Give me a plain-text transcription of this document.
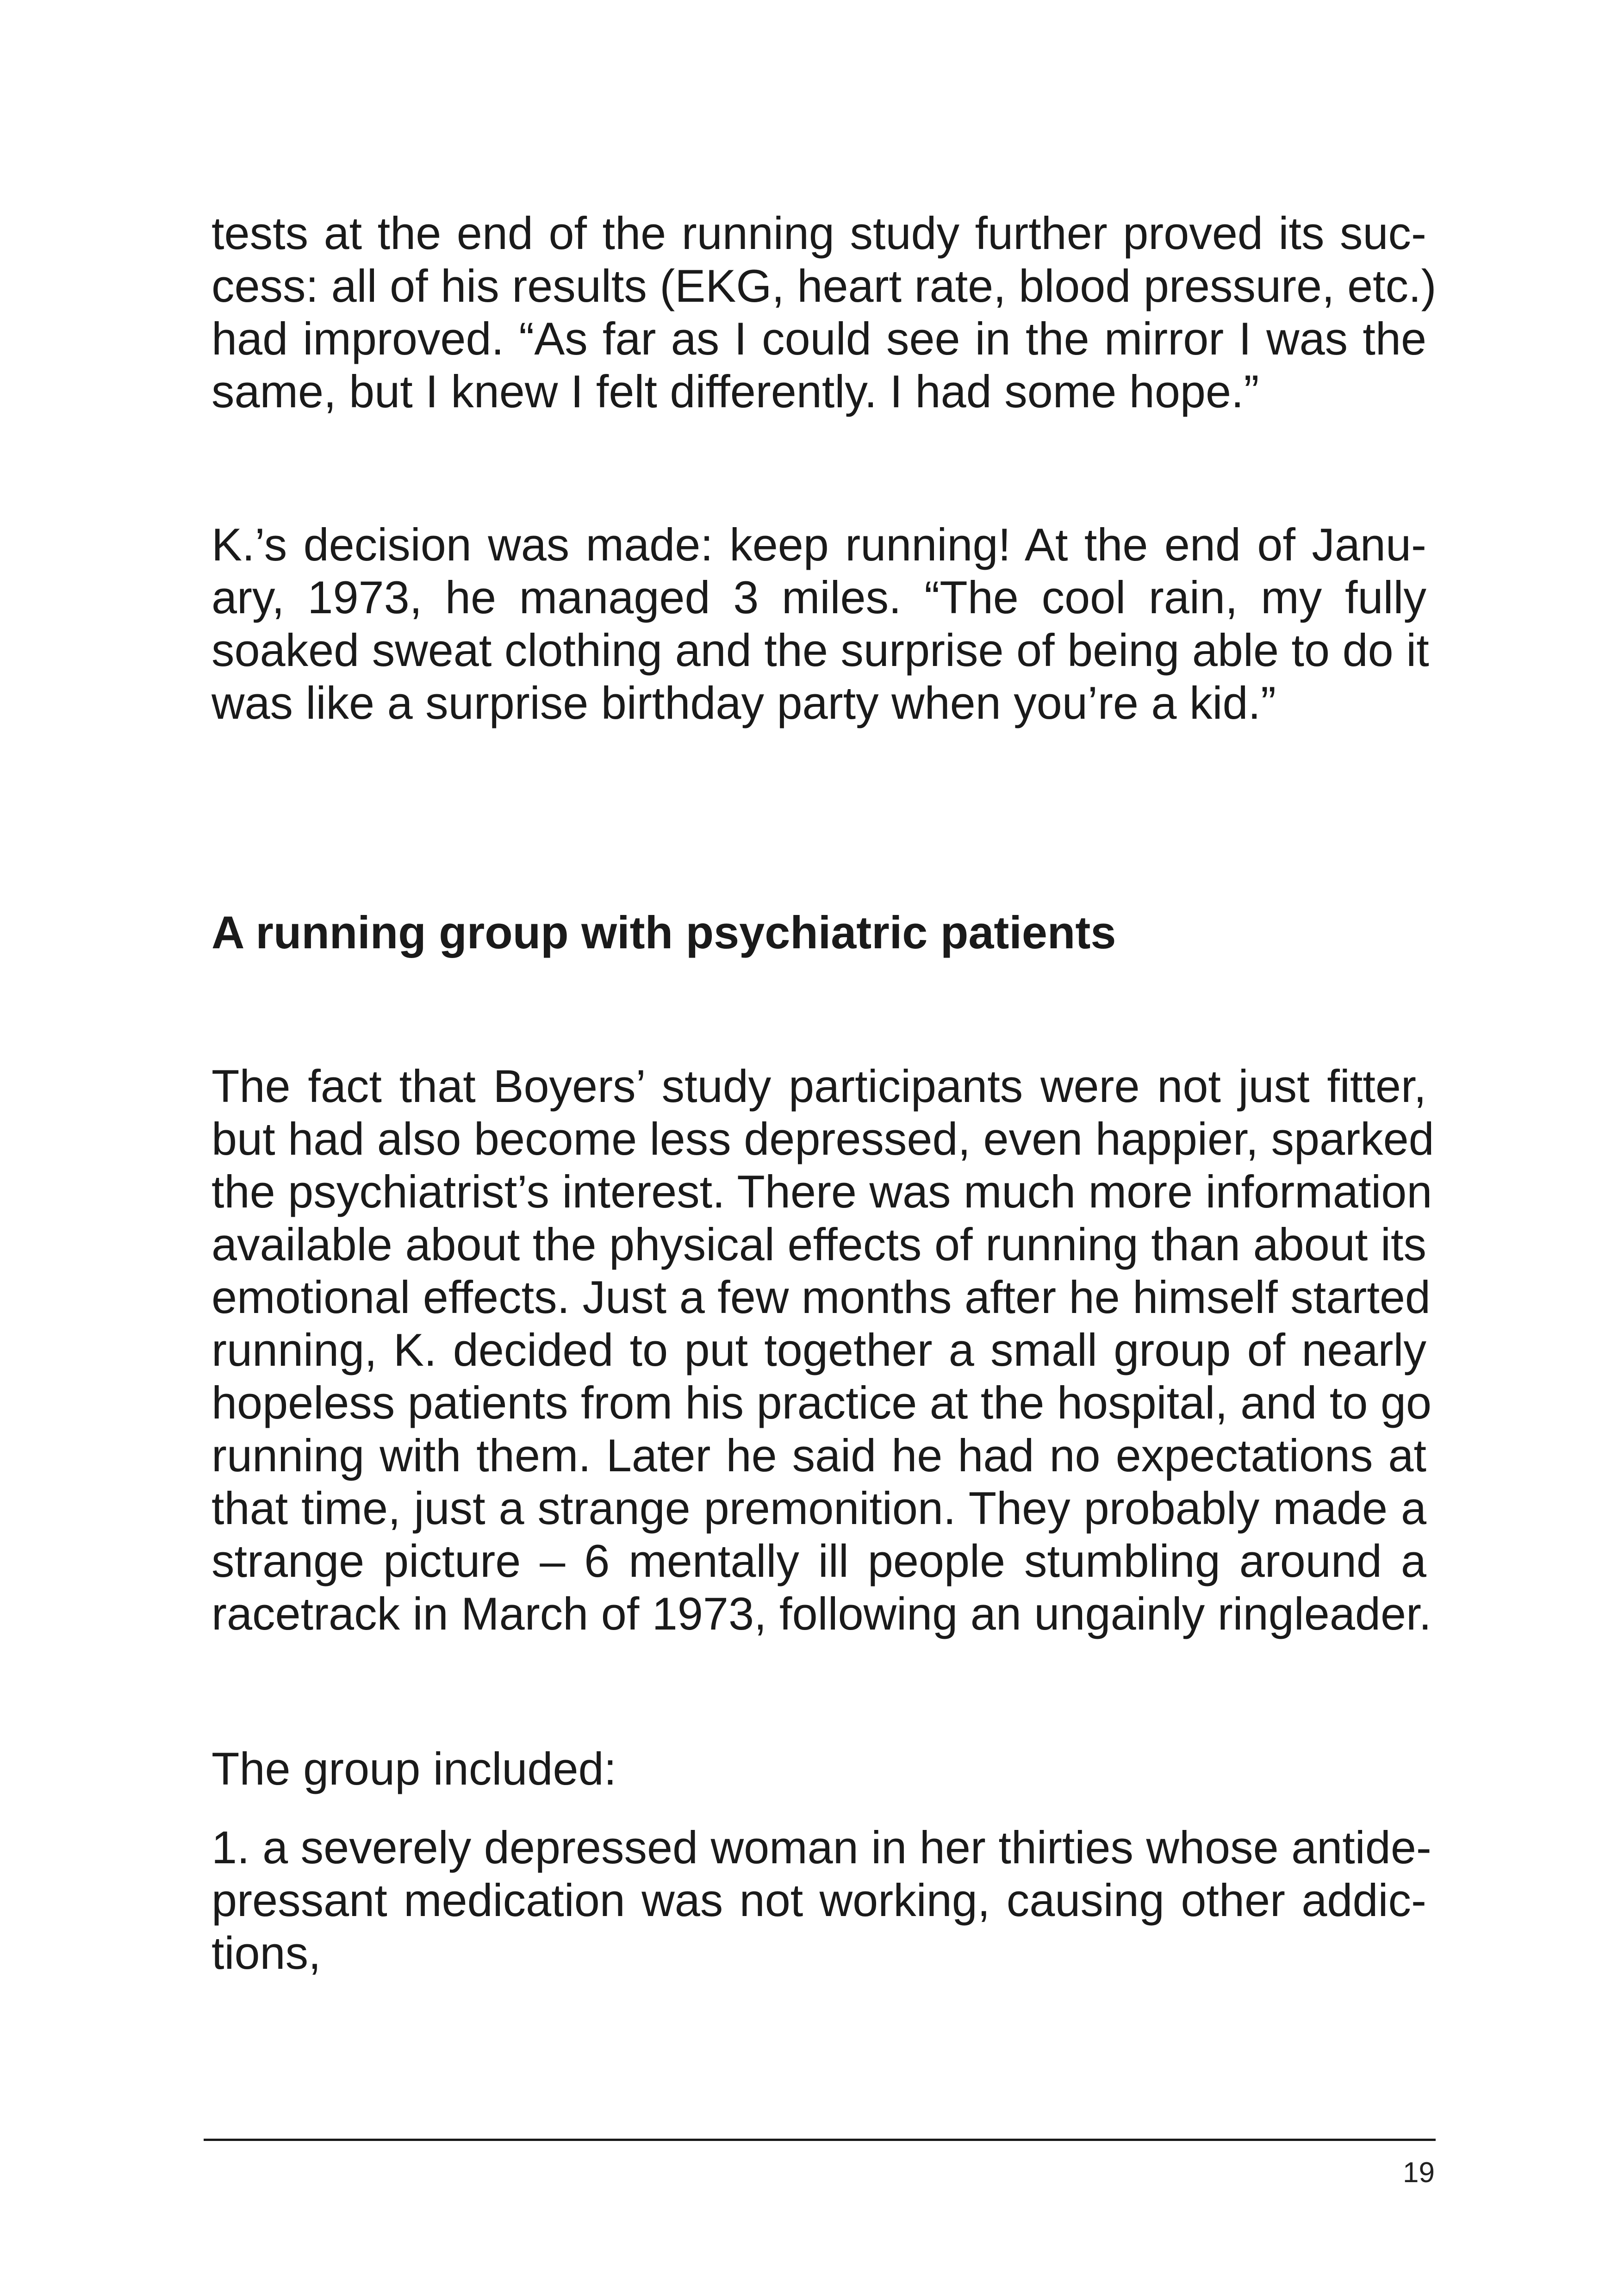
tests at the end of the running study further proved its suc-
cess: all of his results (EKG, heart rate, blood pressure, etc.)
had improved. “As far as I could see in the mirror I was the
same, but I knew I felt differently. I had some hope.”

K.’s decision was made: keep running! At the end of Janu-
ary, 1973, he managed 3 miles. “The cool rain, my fully
soaked sweat clothing and the surprise of being able to do it
was like a surprise birthday party when you’re a kid.”

A running group with psychiatric patients

The fact that Boyers’ study participants were not just fitter,
but had also become less depressed, even happier, sparked
the psychiatrist’s interest. There was much more information
available about the physical effects of running than about its
emotional effects. Just a few months after he himself started
running, K. decided to put together a small group of nearly
hopeless patients from his practice at the hospital, and to go
running with them. Later he said he had no expectations at
that time, just a strange premonition. They probably made a
strange picture – 6 mentally ill people stumbling around a
racetrack in March of 1973, following an ungainly ringleader.

The group included:

1. a severely depressed woman in her thirties whose antide-
pressant medication was not working, causing other addic-
tions,

19
